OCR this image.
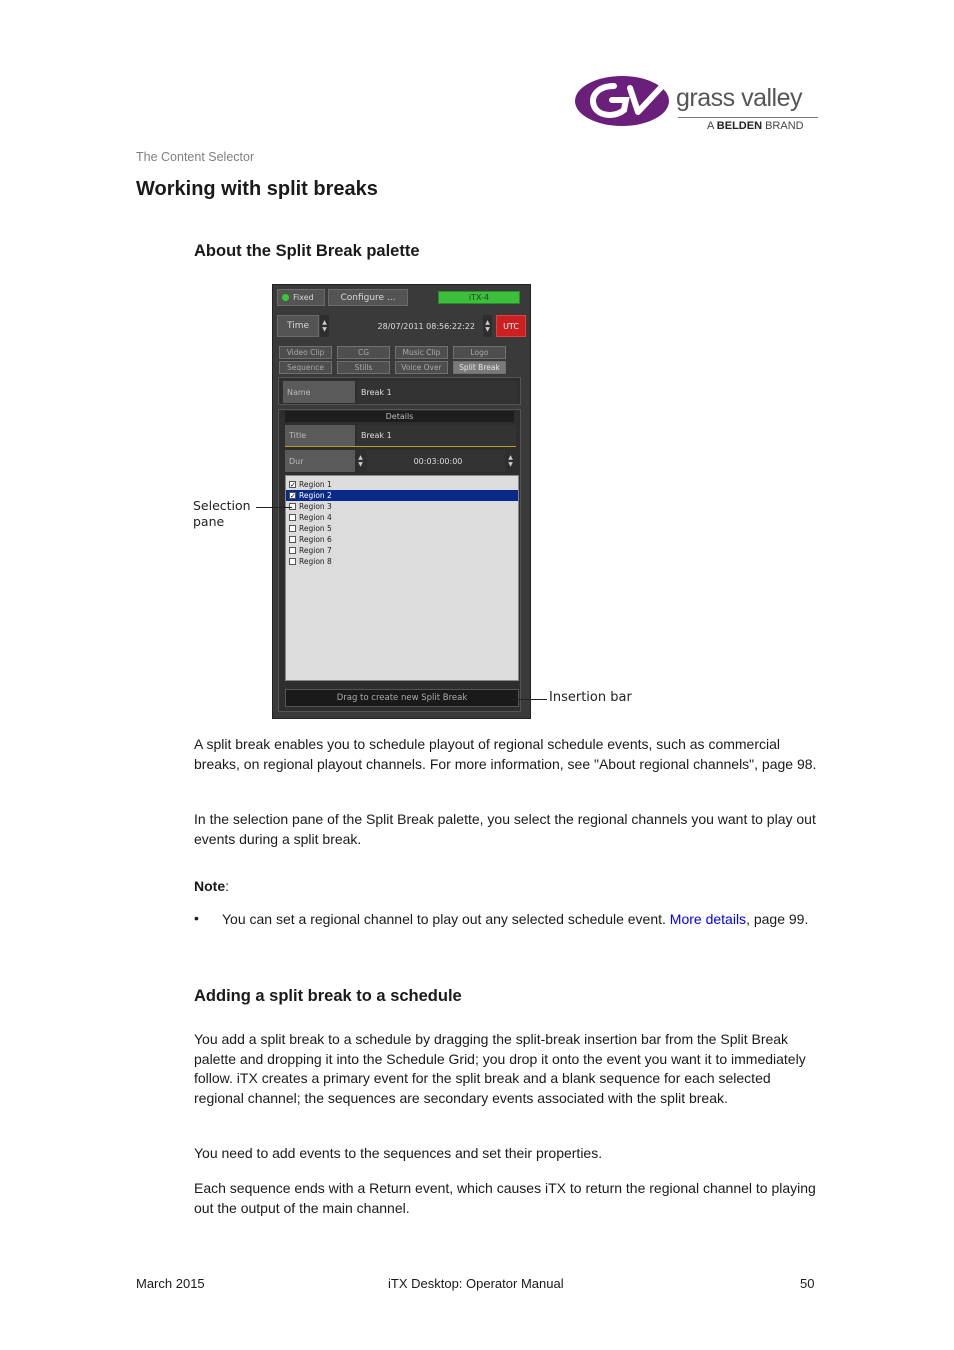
grass valley
A BELDEN BRAND
The Content Selector
Working with split breaks
About the Split Break palette
Fixed	Configure ...	iTX-4
Time	▲
▼	28/07/2011 08:56:22:22	▲
▼	UTC
Video Clip	CG	Music Clip	Logo
Sequence	Stills	Voice Over	Split Break
Name	Break 1
Details
Title	Break 1
Dur	▲
▼	00:03:00:00	▲
▼
✓ Region 1
✓ Region 2
Region 3
Region 4
Region 5
Region 6
Region 7
Region 8
Drag to create new Split Break
Selection
pane
Insertion bar

A split break enables you to schedule playout of regional schedule events, such as commercial breaks, on regional playout channels. For more information, see "About regional channels", page 98.

In the selection pane of the Split Break palette, you select the regional channels you want to play out events during a split break.

Note:
• You can set a regional channel to play out any selected schedule event. More details, page 99.
Adding a split break to a schedule

You add a split break to a schedule by dragging the split-break insertion bar from the Split Break palette and dropping it into the Schedule Grid; you drop it onto the event you want it to immediately follow. iTX creates a primary event for the split break and a blank sequence for each selected regional channel; the sequences are secondary events associated with the split break.

You need to add events to the sequences and set their properties.

Each sequence ends with a Return event, which causes iTX to return the regional channel to playing out the output of the main channel.

March 2015	iTX Desktop: Operator Manual	50
